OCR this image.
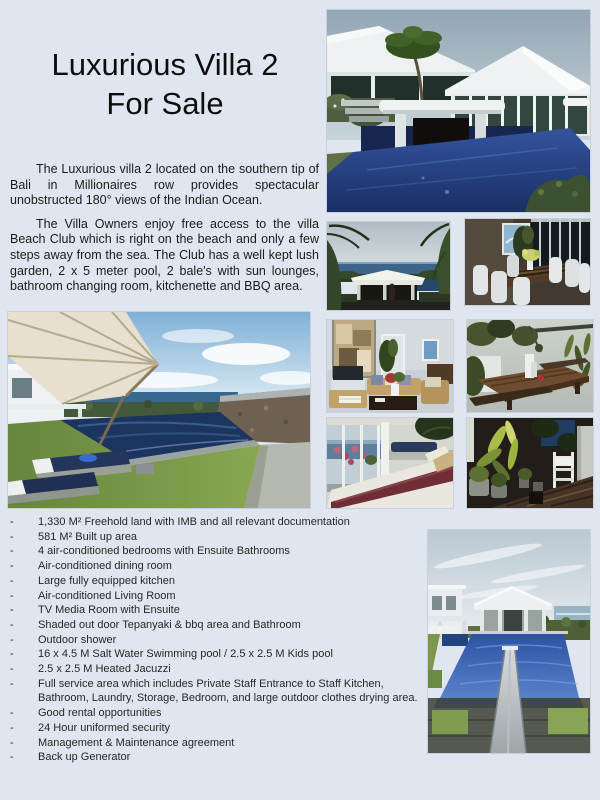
Luxurious Villa 2
For Sale

The Luxurious villa 2 located on the southern tip of Bali in Millionaires row provides spectacular unobstructed 180° views of the Indian Ocean.

The Villa Owners enjoy free access to the villa Beach Club which is right on the beach and only a few steps away from the sea. The Club has a well kept lush garden, 2 x 5 meter pool, 2 bale's with sun lounges, bathroom changing room, kitchenette and BBQ area.

-	1,330 M² Freehold land with IMB and all relevant documentation
-	581 M² Built up area
-	4 air-conditioned bedrooms with Ensuite Bathrooms
-	Air-conditioned dining room
-	Large fully equipped kitchen
-	Air-conditioned Living Room
-	TV Media Room with Ensuite
-	Shaded out door Tepanyaki & bbq area and Bathroom
-	Outdoor shower
-	16 x 4.5 M Salt Water Swimming pool / 2.5 x 2.5 M Kids pool
-	2.5 x 2.5 M Heated Jacuzzi
-	Full service area which includes Private Staff Entrance to Staff Kitchen, Bathroom, Laundry, Storage, Bedroom, and large outdoor clothes drying area.
-	Good rental opportunities
-	24 Hour uniformed security
-	Management & Maintenance agreement
-	Back up Generator
